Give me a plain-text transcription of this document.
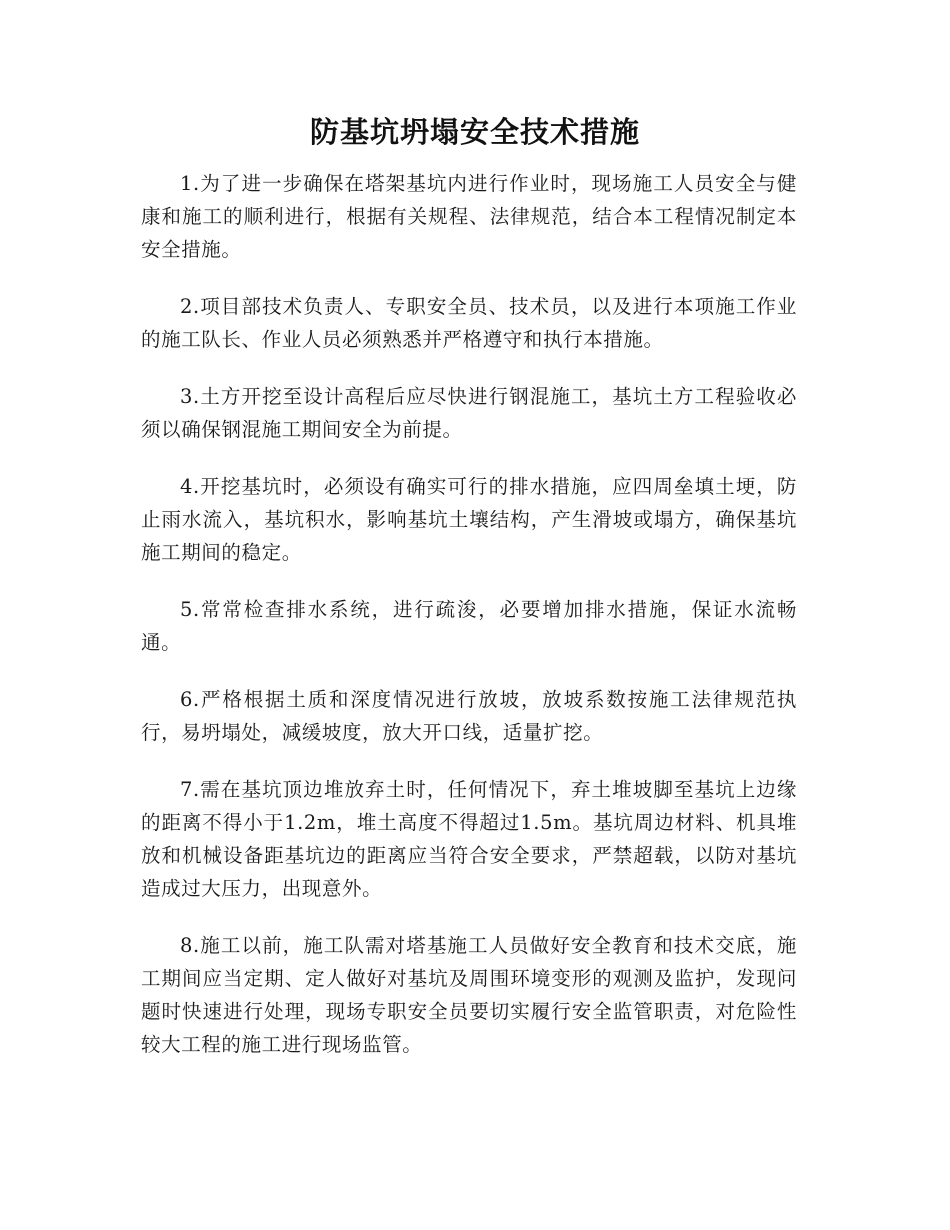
防基坑坍塌安全技术措施

1.为了进一步确保在塔架基坑内进行作业时，现场施工人员安全与健康和施工的顺利进行，根据有关规程、法律规范，结合本工程情况制定本安全措施。

2.项目部技术负责人、专职安全员、技术员，以及进行本项施工作业的施工队长、作业人员必须熟悉并严格遵守和执行本措施。

3.土方开挖至设计高程后应尽快进行钢混施工，基坑土方工程验收必须以确保钢混施工期间安全为前提。

4.开挖基坑时，必须设有确实可行的排水措施，应四周垒填土埂，防止雨水流入，基坑积水，影响基坑土壤结构，产生滑坡或塌方，确保基坑施工期间的稳定。

5.常常检查排水系统，进行疏浚，必要增加排水措施，保证水流畅通。

6.严格根据土质和深度情况进行放坡，放坡系数按施工法律规范执行，易坍塌处，减缓坡度，放大开口线，适量扩挖。

7.需在基坑顶边堆放弃土时，任何情况下，弃土堆坡脚至基坑上边缘的距离不得小于1.2m，堆土高度不得超过1.5m。基坑周边材料、机具堆放和机械设备距基坑边的距离应当符合安全要求，严禁超载，以防对基坑造成过大压力，出现意外。

8.施工以前，施工队需对塔基施工人员做好安全教育和技术交底，施工期间应当定期、定人做好对基坑及周围环境变形的观测及监护，发现问题时快速进行处理，现场专职安全员要切实履行安全监管职责，对危险性较大工程的施工进行现场监管。
